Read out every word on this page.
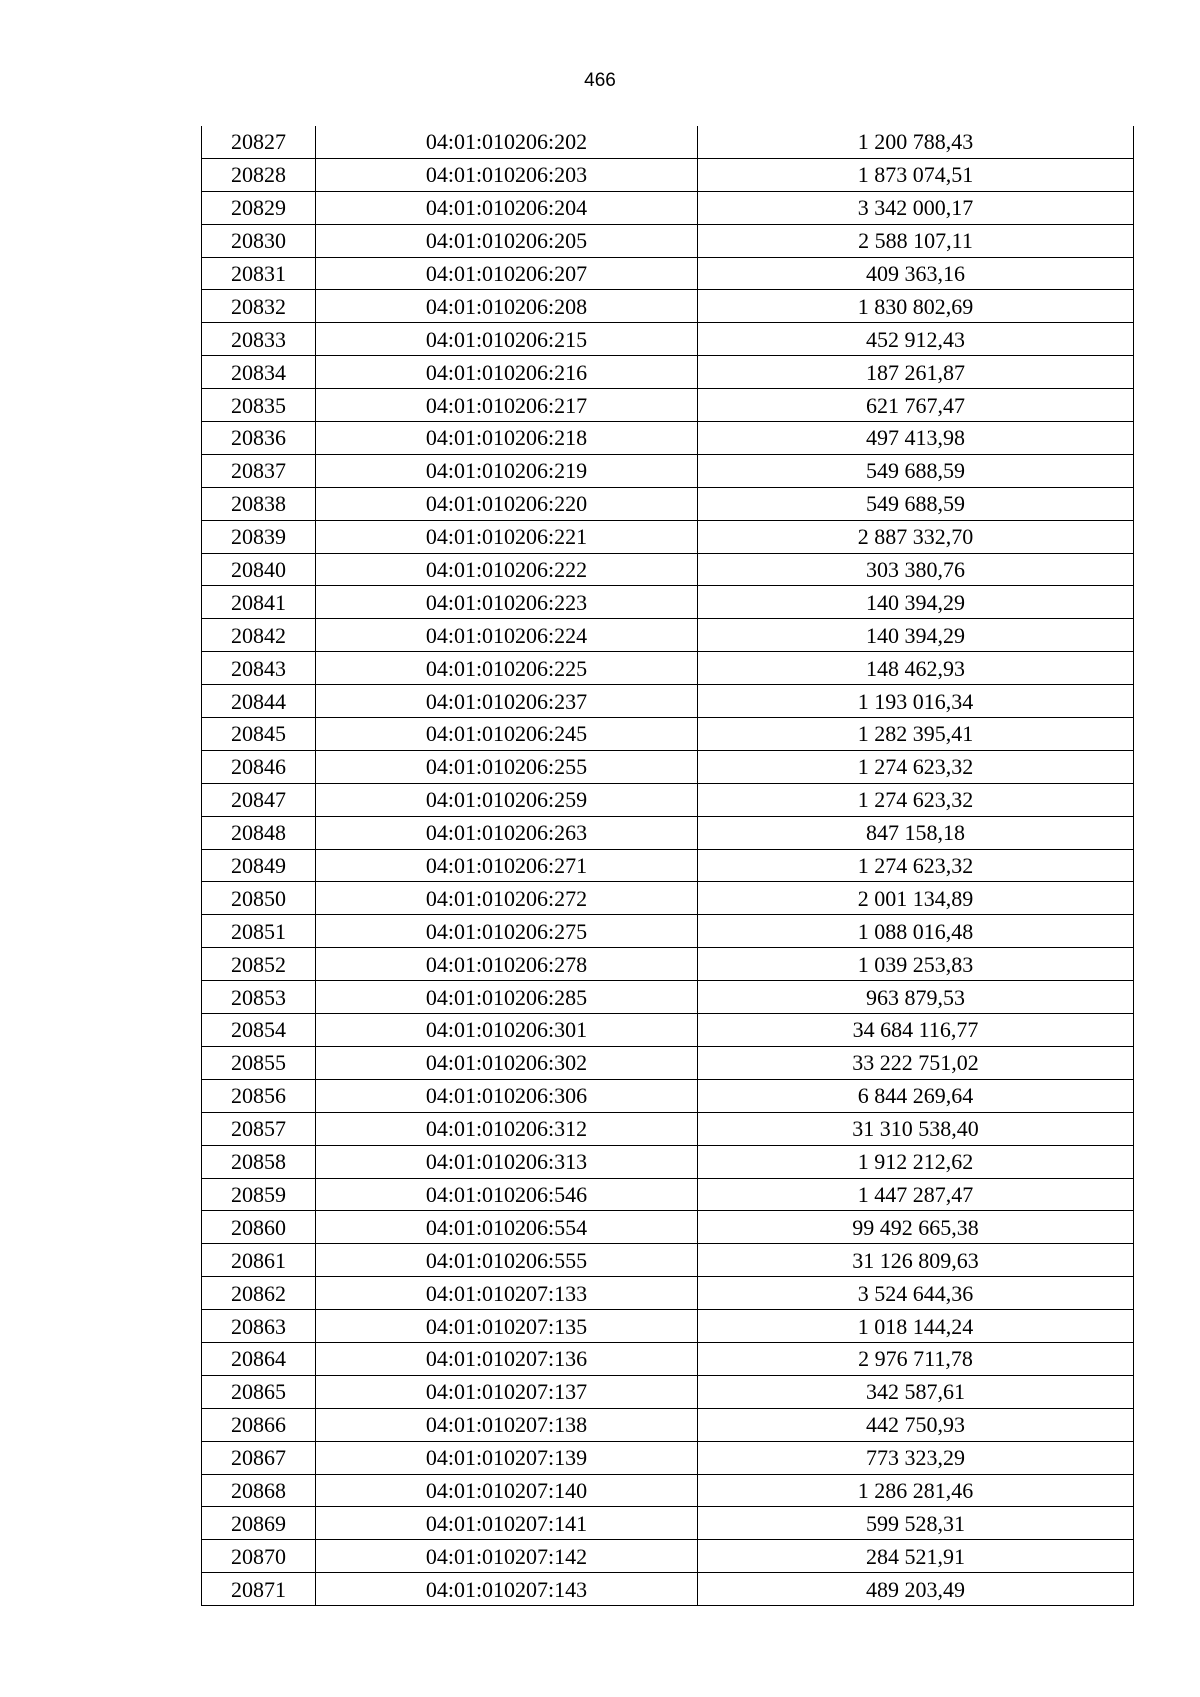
466
20827	04:01:010206:202	1 200 788,43
20828	04:01:010206:203	1 873 074,51
20829	04:01:010206:204	3 342 000,17
20830	04:01:010206:205	2 588 107,11
20831	04:01:010206:207	409 363,16
20832	04:01:010206:208	1 830 802,69
20833	04:01:010206:215	452 912,43
20834	04:01:010206:216	187 261,87
20835	04:01:010206:217	621 767,47
20836	04:01:010206:218	497 413,98
20837	04:01:010206:219	549 688,59
20838	04:01:010206:220	549 688,59
20839	04:01:010206:221	2 887 332,70
20840	04:01:010206:222	303 380,76
20841	04:01:010206:223	140 394,29
20842	04:01:010206:224	140 394,29
20843	04:01:010206:225	148 462,93
20844	04:01:010206:237	1 193 016,34
20845	04:01:010206:245	1 282 395,41
20846	04:01:010206:255	1 274 623,32
20847	04:01:010206:259	1 274 623,32
20848	04:01:010206:263	847 158,18
20849	04:01:010206:271	1 274 623,32
20850	04:01:010206:272	2 001 134,89
20851	04:01:010206:275	1 088 016,48
20852	04:01:010206:278	1 039 253,83
20853	04:01:010206:285	963 879,53
20854	04:01:010206:301	34 684 116,77
20855	04:01:010206:302	33 222 751,02
20856	04:01:010206:306	6 844 269,64
20857	04:01:010206:312	31 310 538,40
20858	04:01:010206:313	1 912 212,62
20859	04:01:010206:546	1 447 287,47
20860	04:01:010206:554	99 492 665,38
20861	04:01:010206:555	31 126 809,63
20862	04:01:010207:133	3 524 644,36
20863	04:01:010207:135	1 018 144,24
20864	04:01:010207:136	2 976 711,78
20865	04:01:010207:137	342 587,61
20866	04:01:010207:138	442 750,93
20867	04:01:010207:139	773 323,29
20868	04:01:010207:140	1 286 281,46
20869	04:01:010207:141	599 528,31
20870	04:01:010207:142	284 521,91
20871	04:01:010207:143	489 203,49
